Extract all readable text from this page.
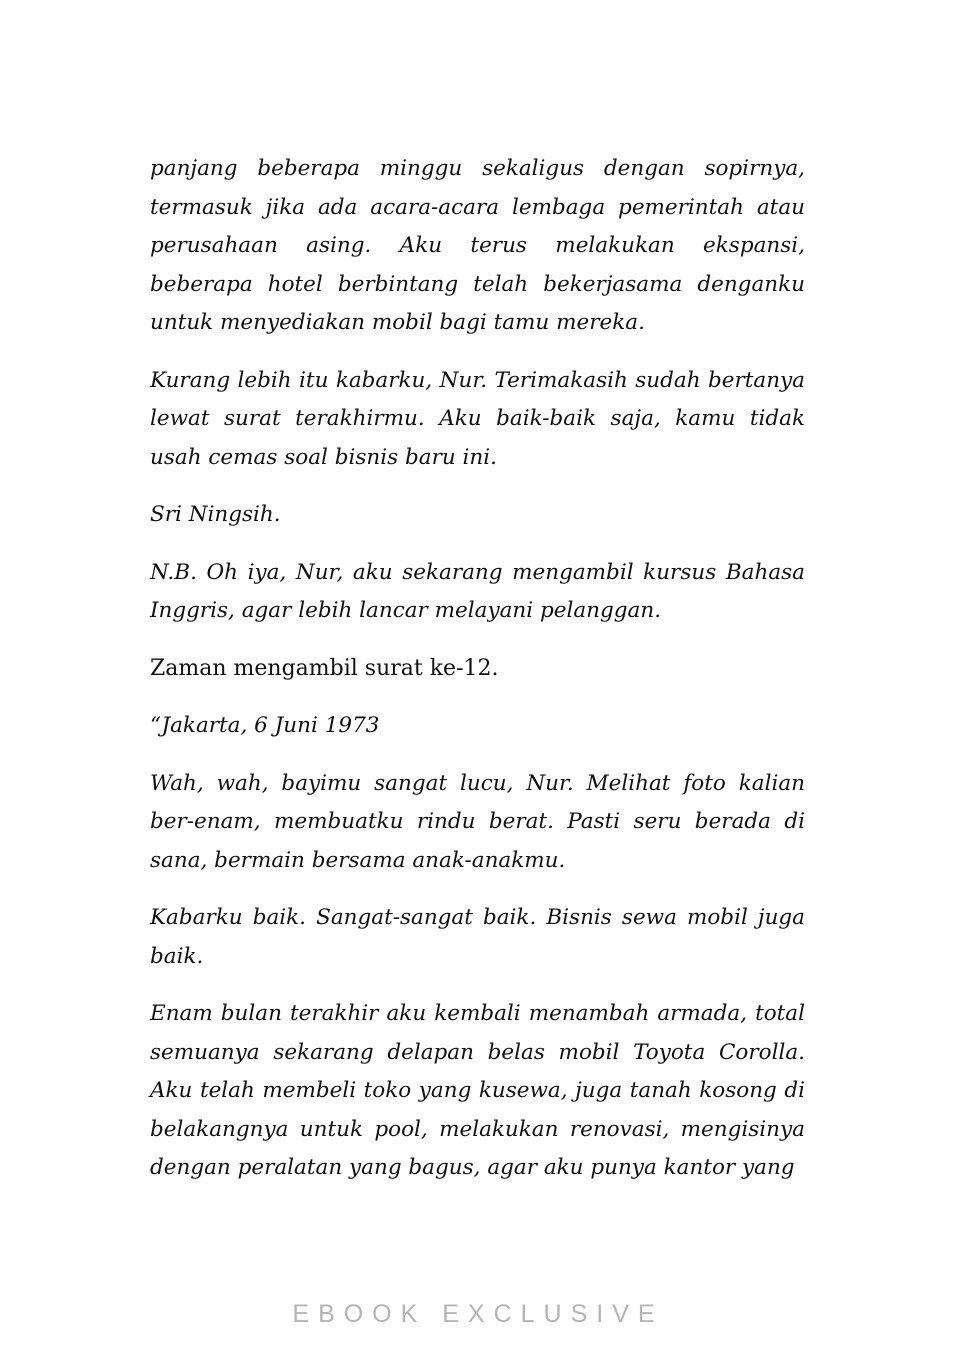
panjang beberapa minggu sekaligus dengan sopirnya, termasuk jika ada acara-acara lembaga pemerintah atau perusahaan asing. Aku terus melakukan ekspansi, beberapa hotel berbintang telah bekerjasama denganku untuk menyediakan mobil bagi tamu mereka.

Kurang lebih itu kabarku, Nur. Terimakasih sudah bertanya lewat surat terakhirmu. Aku baik-baik saja, kamu tidak usah cemas soal bisnis baru ini.

Sri Ningsih.

N.B. Oh iya, Nur, aku sekarang mengambil kursus Bahasa Inggris, agar lebih lancar melayani pelanggan.

Zaman mengambil surat ke-12.

“Jakarta, 6 Juni 1973

Wah, wah, bayimu sangat lucu, Nur. Melihat foto kalian ber-enam, membuatku rindu berat. Pasti seru berada di sana, bermain bersama anak-anakmu.

Kabarku baik. Sangat-sangat baik. Bisnis sewa mobil juga baik.

Enam bulan terakhir aku kembali menambah armada, total semuanya sekarang delapan belas mobil Toyota Corolla. Aku telah membeli toko yang kusewa, juga tanah kosong di belakangnya untuk pool, melakukan renovasi, mengisinya dengan peralatan yang bagus, agar aku punya kantor yang

EBOOK EXCLUSIVE
